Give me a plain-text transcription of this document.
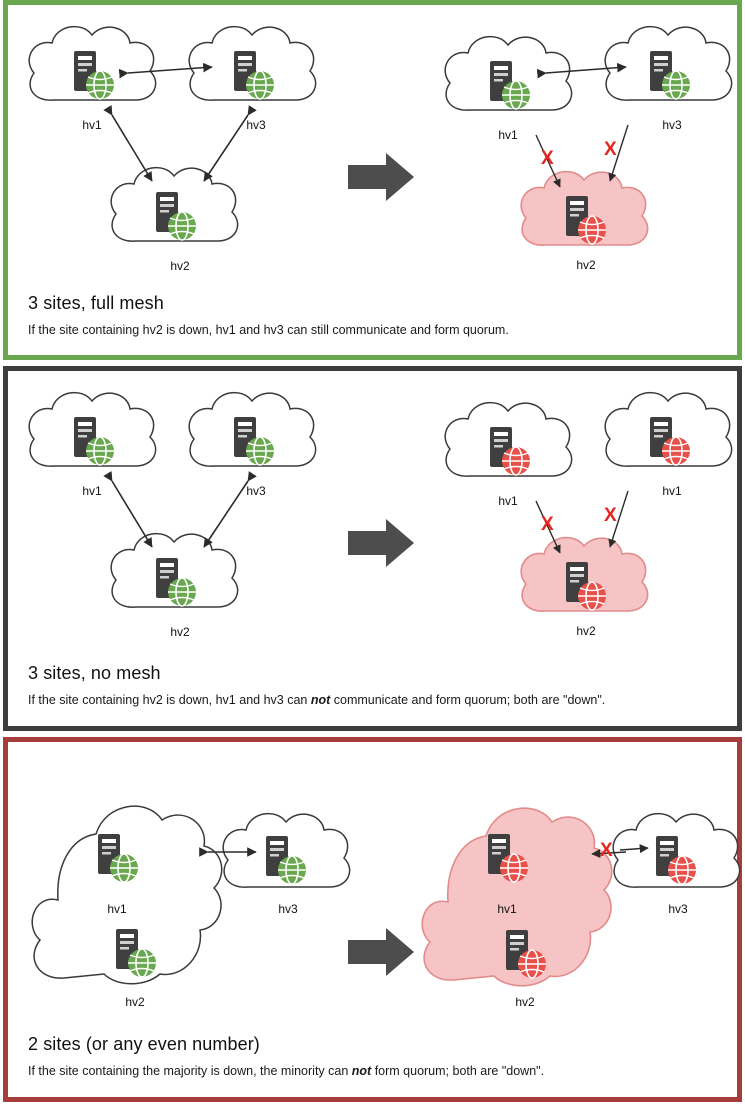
hv1	hv3
hv2
hv1
hv3
hv2
X	X
3 sites, full mesh
If the site containing hv2 is down, hv1 and hv3 can still communicate and form quorum.
hv1	hv3
hv2
hv1
hv1
hv2
X	X
3 sites, no mesh
If the site containing hv2 is down, hv1 and hv3 can not communicate and form quorum; both are "down".
hv1
hv2
hv3	hv1
hv2
hv3
X
2 sites (or any even number)
If the site containing the majority is down, the minority can not form quorum; both are "down".
